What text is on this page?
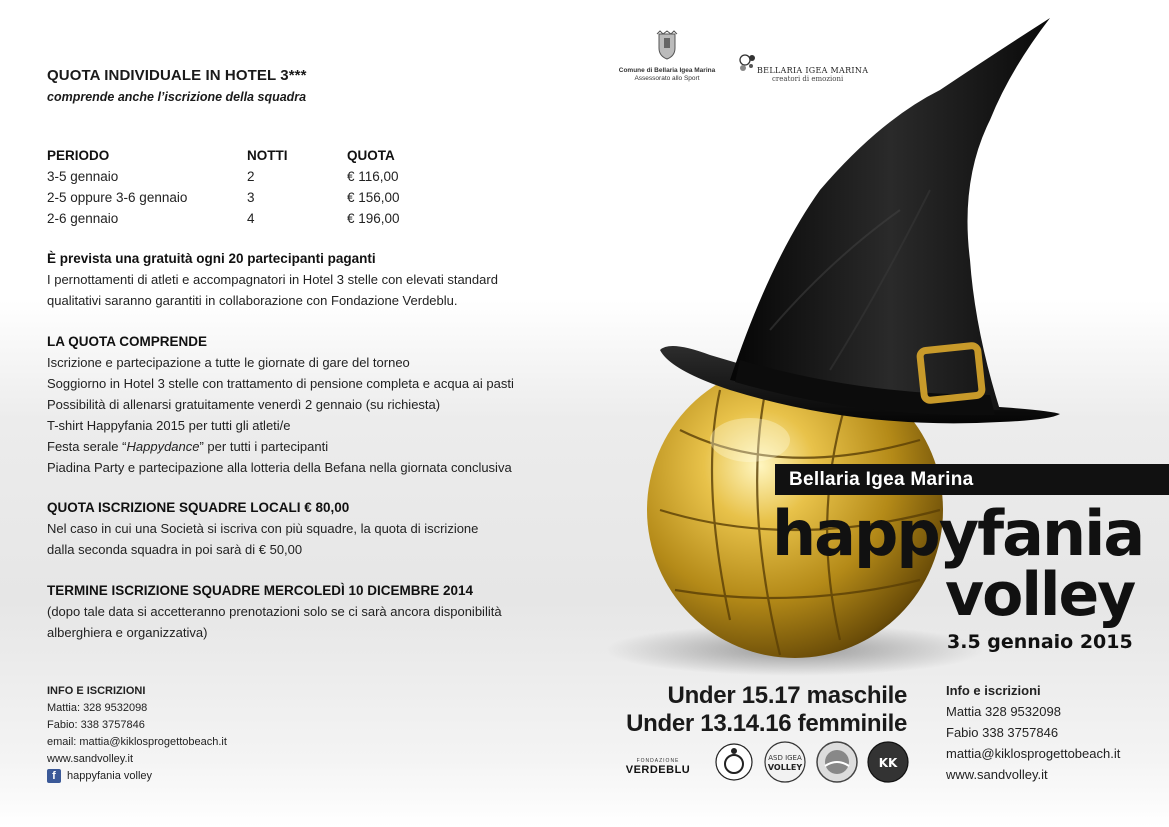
QUOTA INDIVIDUALE IN HOTEL 3***
comprende anche l’iscrizione della squadra
PERIODO	NOTTI	QUOTA
3-5 gennaio	2	€ 116,00
2-5 oppure 3-6 gennaio	3	€ 156,00
2-6 gennaio	4	€ 196,00
È prevista una gratuità ogni 20 partecipanti paganti
I pernottamenti di atleti e accompagnatori in Hotel 3 stelle con elevati standard
qualitativi saranno garantiti in collaborazione con Fondazione Verdeblu.
LA QUOTA COMPRENDE
Iscrizione e partecipazione a tutte le giornate di gare del torneo
Soggiorno in Hotel 3 stelle con trattamento di pensione completa e acqua ai pasti
Possibilità di allenarsi gratuitamente venerdì 2 gennaio (su richiesta)
T-shirt Happyfania 2015 per tutti gli atleti/e
Festa serale “Happydance” per tutti i partecipanti
Piadina Party e partecipazione alla lotteria della Befana nella giornata conclusiva
QUOTA ISCRIZIONE SQUADRE LOCALI € 80,00
Nel caso in cui una Società si iscriva con più squadre, la quota di iscrizione
dalla seconda squadra in poi sarà di € 50,00
TERMINE ISCRIZIONE SQUADRE MERCOLEDÌ 10 DICEMBRE 2014
(dopo tale data si accetteranno prenotazioni solo se ci sarà ancora disponibilità
alberghiera e organizzativa)
INFO E ISCRIZIONI
Mattia: 328 9532098
Fabio: 338 3757846
email: mattia@kiklosprogettobeach.it
www.sandvolley.it
f happyfania volley
Comune di Bellaria Igea Marina
Assessorato allo Sport
BELLARIA IGEA MARINA
creatori di emozioni
Bellaria Igea Marina
happyfania
volley
3.5 gennaio 2015
Under 15.17 maschile
Under 13.14.16 femminile
FONDAZIONE
VERDEBLU
ASD IGEA
VOLLEY	KK
Info e iscrizioni
Mattia 328 9532098
Fabio 338 3757846
mattia@kiklosprogettobeach.it
www.sandvolley.it
